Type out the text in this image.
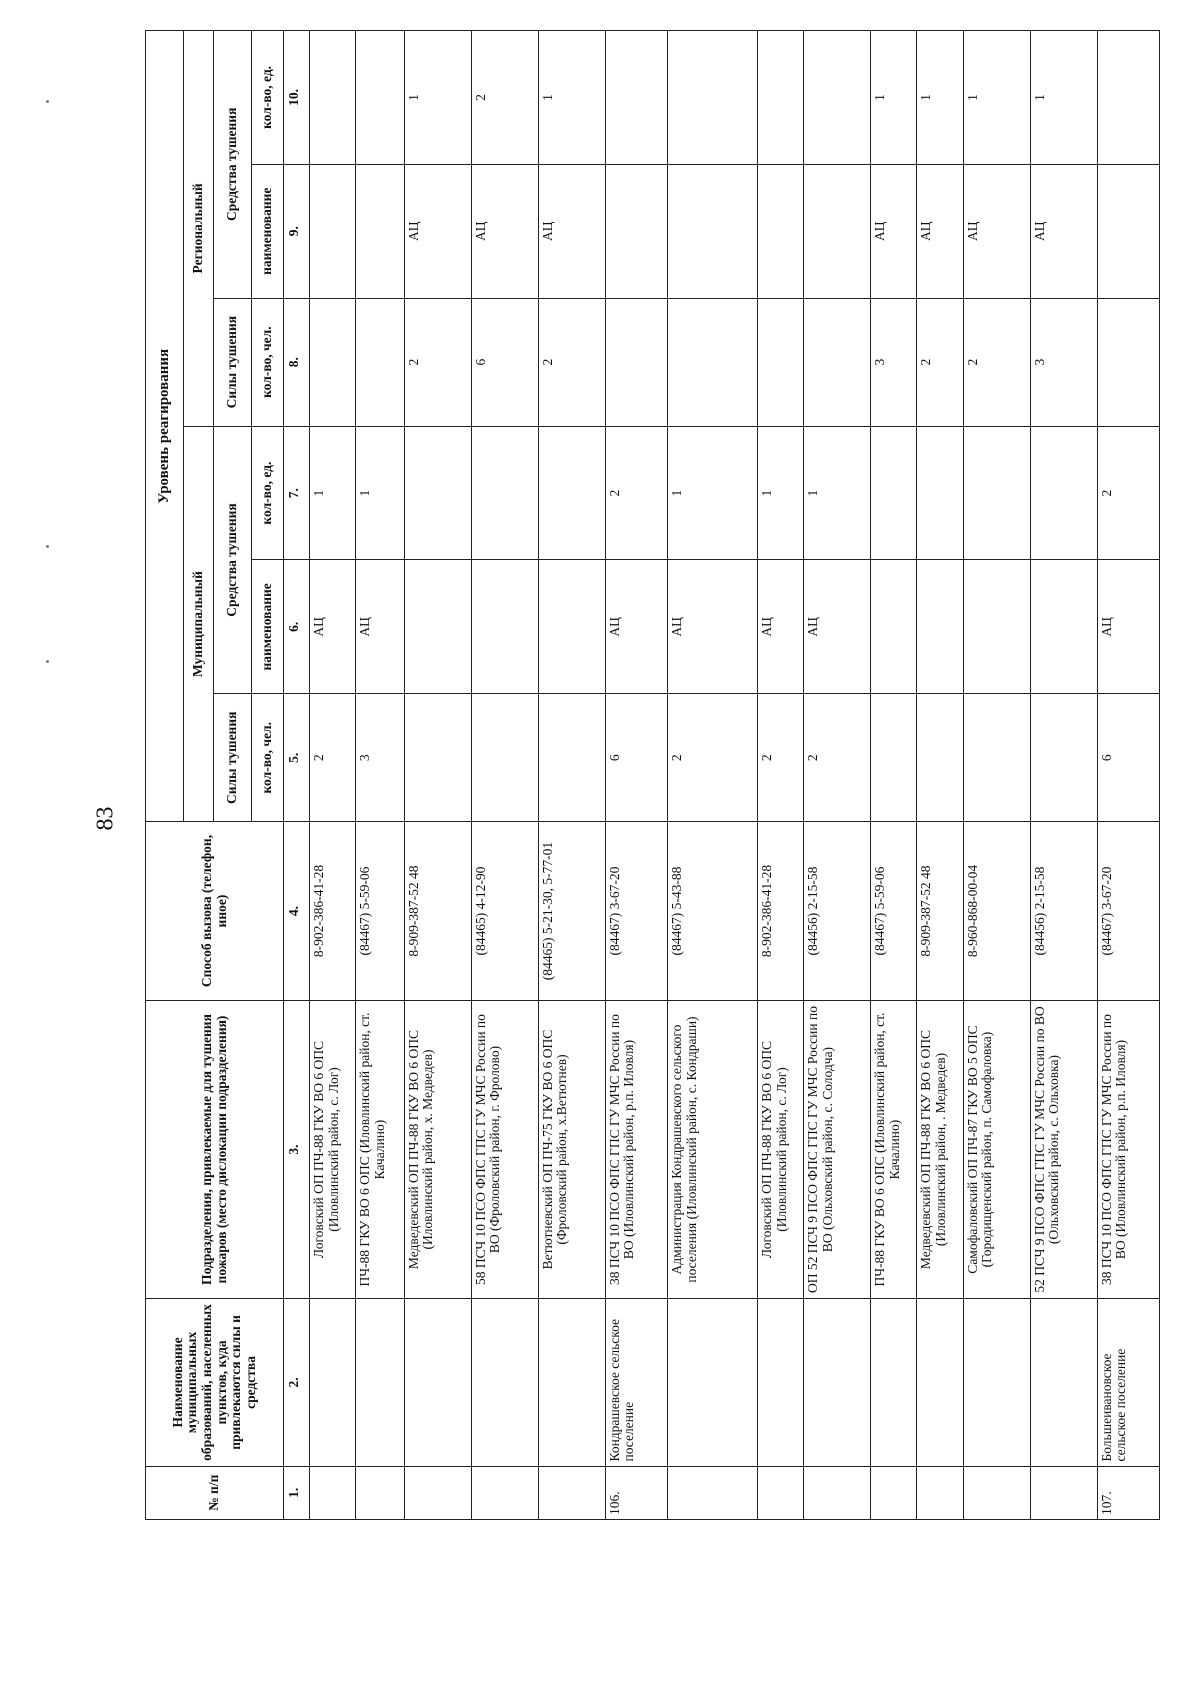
83
№ п/п	Наименование муниципальных образований, населенных пунктов, куда привлекаются силы и средства	Подразделения, привлекаемые для тушения пожаров (место дислокации подразделения)	Способ вызова (телефон, иное)	Уровень реагирования					
				Муниципальный			Региональный		
				Силы тушения	Средства тушения		Силы тушения	Средства тушения	
				кол-во, чел.	наименование	кол-во, ед.	кол-во, чел.	наименование	кол-во, ед.
1.	2.	3.	4.	5.	6.	7.	8.	9.	10.
		Логовский ОП ПЧ-88 ГКУ ВО 6 ОПС (Иловлинский район, с. Лог)	8-902-386-41-28	2	АЦ	1			
		ПЧ-88 ГКУ ВО 6 ОПС (Иловлинский район, ст. Качалино)	(84467) 5-59-06	3	АЦ	1			
		Медведевский ОП ПЧ-88 ГКУ ВО 6 ОПС (Иловлинский район, х. Медведев)	8-909-387-52 48				2	АЦ	1
		58 ПСЧ 10 ПСО ФПС ГПС ГУ МЧС России по ВО (Фроловский район, г. Фролово)	(84465) 4-12-90				6	АЦ	2
		Ветютневский ОП ПЧ-75 ГКУ ВО 6 ОПС (Фроловский район, х.Ветютнев)	(84465) 5-21-30, 5-77-01				2	АЦ	1
106.	Кондрашевское сельское поселение	38 ПСЧ 10 ПСО ФПС ГПС ГУ МЧС России по ВО (Иловлинский район, р.п. Иловля)	(84467) 3-67-20	6	АЦ	2			
		Администрация Кондрашевского сельского поселения (Иловлинский район, с. Кондраши)	(84467) 5-43-88	2	АЦ	1			
		Логовский ОП ПЧ-88 ГКУ ВО 6 ОПС (Иловлинский район, с. Лог)	8-902-386-41-28	2	АЦ	1			
		ОП 52 ПСЧ 9 ПСО ФПС ГПС ГУ МЧС России по ВО (Ольховский район, с. Солодча)	(84456) 2-15-58	2	АЦ	1			
		ПЧ-88 ГКУ ВО 6 ОПС (Иловлинский район, ст. Качалино)	(84467) 5-59-06				3	АЦ	1
		Медведевский ОП ПЧ-88 ГКУ ВО 6 ОПС (Иловлинский район, . Медведев)	8-909-387-52 48				2	АЦ	1
		Самофаловский ОП ПЧ-87 ГКУ ВО 5 ОПС (Городищенский район, п. Самофаловка)	8-960-868-00-04				2	АЦ	1
		52 ПСЧ 9 ПСО ФПС ГПС ГУ МЧС России по ВО (Ольховский район, с. Ольховка)	(84456) 2-15-58				3	АЦ	1
107.	Большеивановское сельское поселение	38 ПСЧ 10 ПСО ФПС ГПС ГУ МЧС России по ВО (Иловлинский район, р.п. Иловля)	(84467) 3-67-20	6	АЦ	2			
